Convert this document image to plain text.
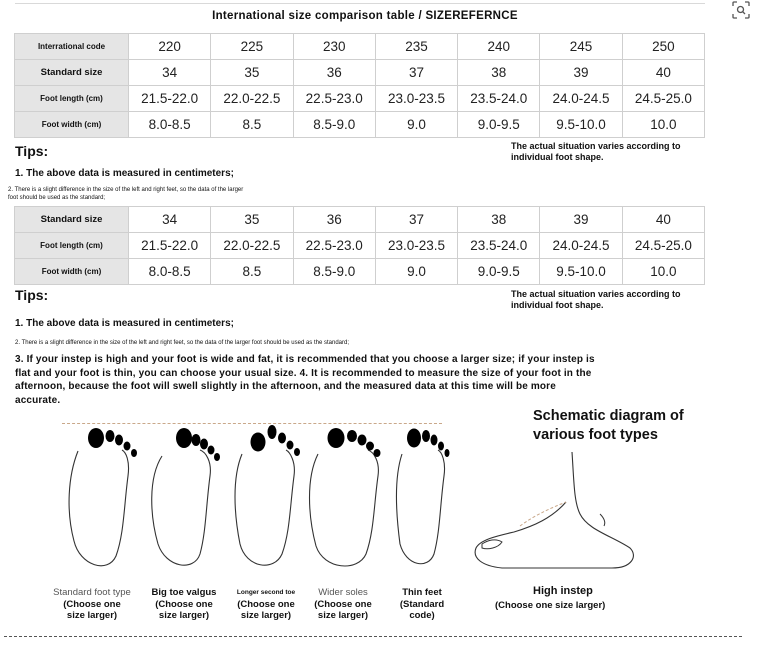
International size comparison table / SIZEREFERNCE
Interrational code	220	225	230	235	240	245	250
Standard size	34	35	36	37	38	39	40
Foot length (cm)	21.5-22.0	22.0-22.5	22.5-23.0	23.0-23.5	23.5-24.0	24.0-24.5	24.5-25.0
Foot width (cm)	8.0-8.5	8.5	8.5-9.0	9.0	9.0-9.5	9.5-10.0	10.0
Tips:	The actual situation varies according to
individual foot shape.
1. The above data is measured in centimeters;
2. There is a slight difference in the size of the left and right feet, so the data of the larger
foot should be used as the standard;
Standard size	34	35	36	37	38	39	40
Foot length (cm)	21.5-22.0	22.0-22.5	22.5-23.0	23.0-23.5	23.5-24.0	24.0-24.5	24.5-25.0
Foot width (cm)	8.0-8.5	8.5	8.5-9.0	9.0	9.0-9.5	9.5-10.0	10.0
Tips:	The actual situation varies according to
individual foot shape.
1. The above data is measured in centimeters;
2. There is a slight difference in the size of the left and right feet, so the data of the larger foot should be used as the standard;
3. If your instep is high and your foot is wide and fat, it is recommended that you choose a larger size; if your instep is
flat and your foot is thin, you can choose your usual size. 4. It is recommended to measure the size of your foot in the
afternoon, because the foot will swell slightly in the afternoon, and the measured data at this time will be more
accurate.
Standard foot type
(Choose one
size larger)
Big toe valgus
(Choose one
size larger)
Longer second toe
(Choose one
size larger)
Wider soles
(Choose one
size larger)
Thin feet
(Standard
code)
Schematic diagram of
various foot types
High instep
(Choose one size larger)
